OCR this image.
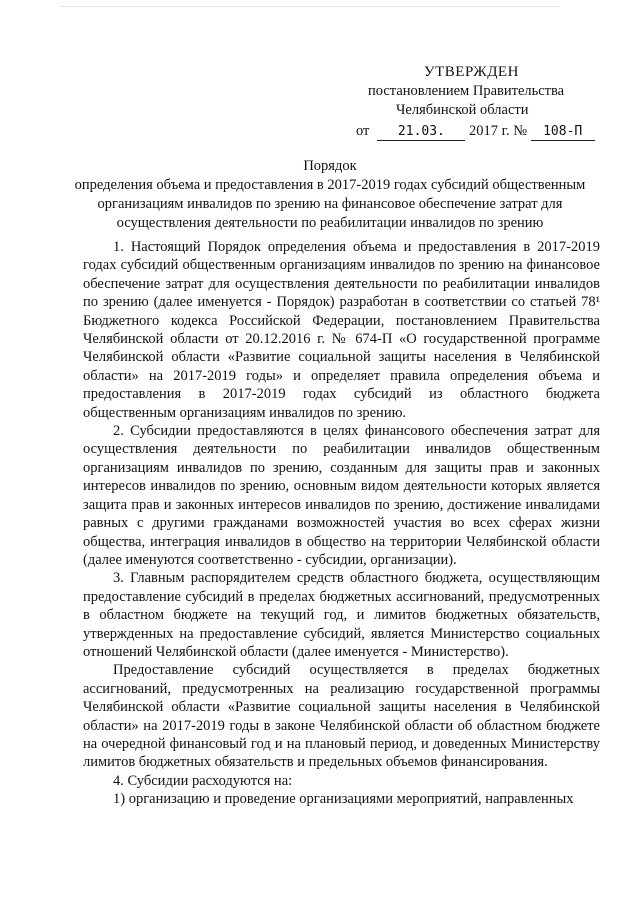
УТВЕРЖДЕН
постановлением Правительства
Челябинской области
от 21.03. 2017 г. № 108-П
Порядок
определения объема и предоставления в 2017-2019 годах субсидий общественным организациям инвалидов по зрению на финансовое обеспечение затрат для осуществления деятельности по реабилитации инвалидов по зрению

1. Настоящий Порядок определения объема и предоставления в 2017-2019 годах субсидий общественным организациям инвалидов по зрению на финансовое обеспечение затрат для осуществления деятельности по реабилитации инвалидов по зрению (далее именуется - Порядок) разработан в соответствии со статьей 78¹ Бюджетного кодекса Российской Федерации, постановлением Правительства Челябинской области от 20.12.2016 г. № 674-П «О государственной программе Челябинской области «Развитие социальной защиты населения в Челябинской области» на 2017-2019 годы» и определяет правила определения объема и предоставления в 2017-2019 годах субсидий из областного бюджета общественным организациям инвалидов по зрению.

2. Субсидии предоставляются в целях финансового обеспечения затрат для осуществления деятельности по реабилитации инвалидов общественным организациям инвалидов по зрению, созданным для защиты прав и законных интересов инвалидов по зрению, основным видом деятельности которых является защита прав и законных интересов инвалидов по зрению, достижение инвалидами равных с другими гражданами возможностей участия во всех сферах жизни общества, интеграция инвалидов в общество на территории Челябинской области (далее именуются соответственно - субсидии, организации).

3. Главным распорядителем средств областного бюджета, осуществляющим предоставление субсидий в пределах бюджетных ассигнований, предусмотренных в областном бюджете на текущий год, и лимитов бюджетных обязательств, утвержденных на предоставление субсидий, является Министерство социальных отношений Челябинской области (далее именуется - Министерство).

Предоставление субсидий осуществляется в пределах бюджетных ассигнований, предусмотренных на реализацию государственной программы Челябинской области «Развитие социальной защиты населения в Челябинской области» на 2017-2019 годы в законе Челябинской области об областном бюджете на очередной финансовый год и на плановый период, и доведенных Министерству лимитов бюджетных обязательств и предельных объемов финансирования.

4. Субсидии расходуются на:

1) организацию и проведение организациями мероприятий, направленных
